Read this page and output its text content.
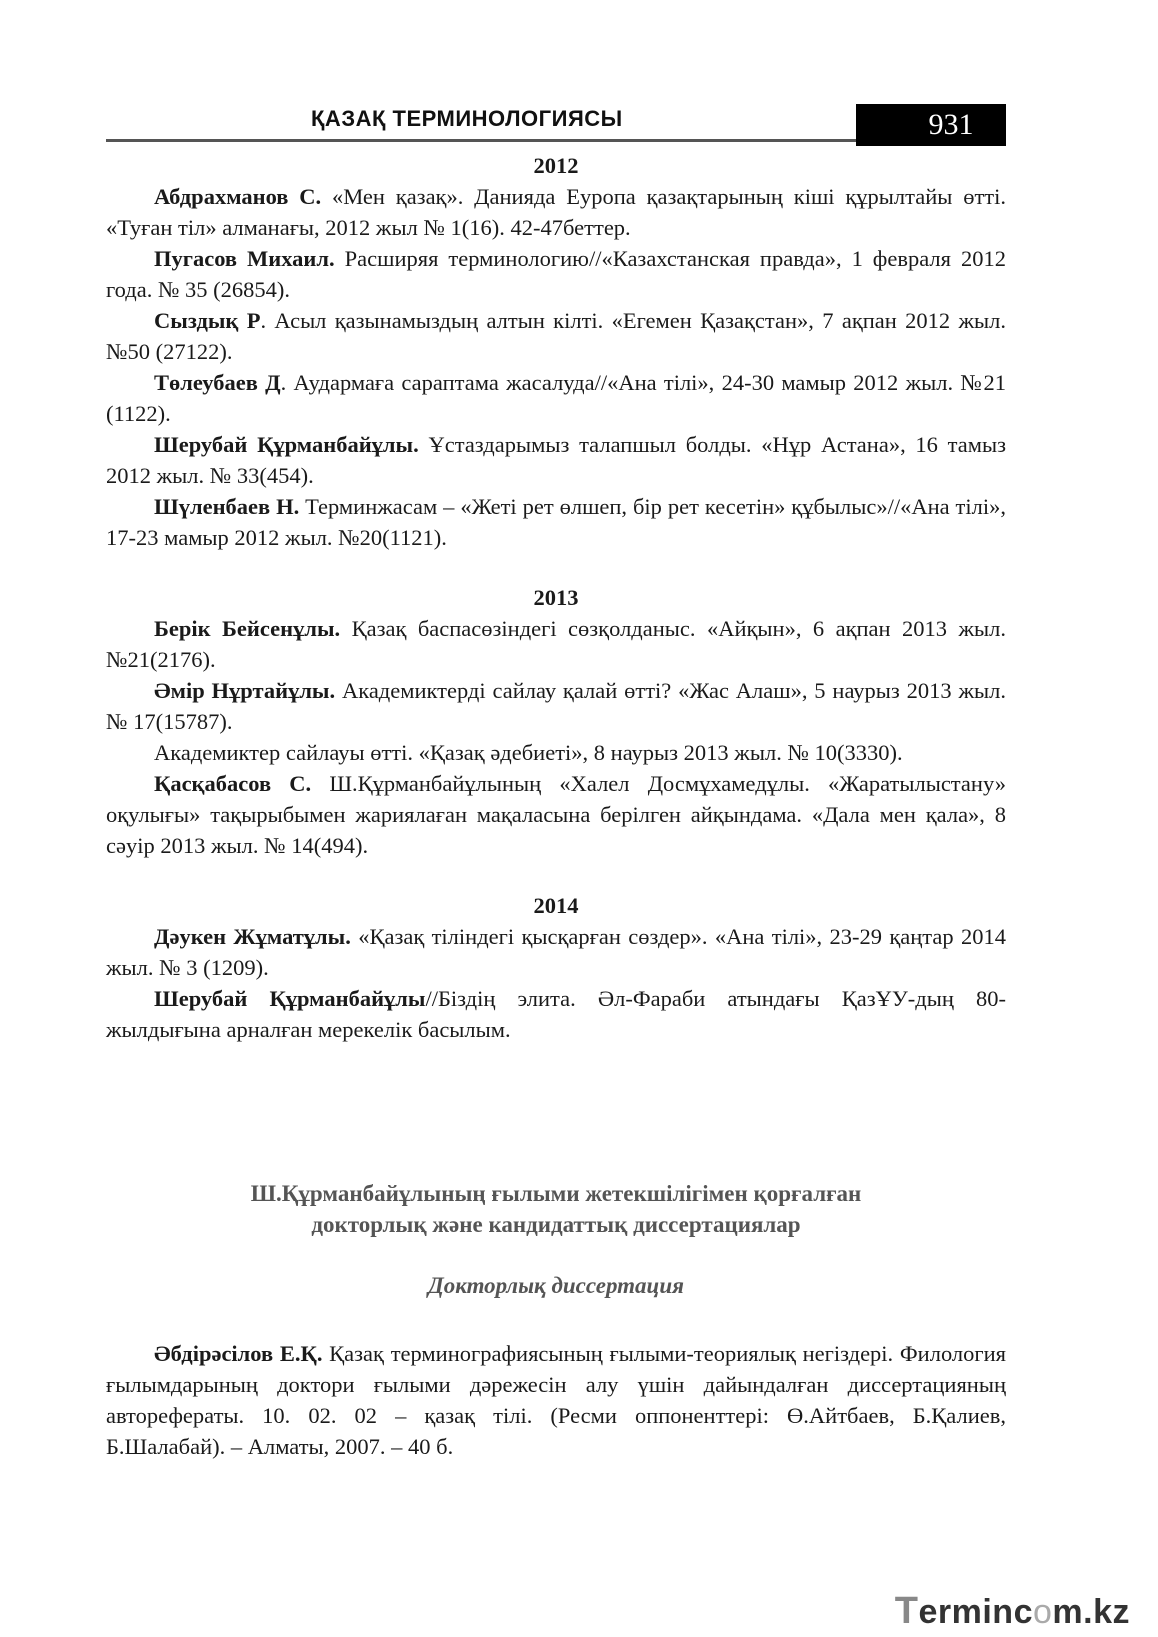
ҚАЗАҚ ТЕРМИНОЛОГИЯСЫ	931

2012

Абдрахманов С. «Мен қазақ». Данияда Еуропа қазақтарының кіші құрылтайы өтті. «Туған тіл» алманағы, 2012 жыл № 1(16). 42-47беттер.

Пугасов Михаил. Расширяя терминологию//«Казахстанская правда», 1 февраля 2012 года. № 35 (26854).

Сыздық Р. Асыл қазынамыздың алтын кілті. «Егемен Қазақстан», 7 ақпан 2012 жыл. №50 (27122).

Төлеубаев Д. Аудармаға сараптама жасалуда//«Ана тілі», 24-30 мамыр 2012 жыл. №21 (1122).

Шерубай Құрманбайұлы. Ұстаздарымыз талапшыл болды. «Нұр Астана», 16 тамыз 2012 жыл. № 33(454).

Шүленбаев Н. Терминжасам – «Жеті рет өлшеп, бір рет кесетін» құбылыс»//«Ана тілі», 17-23 мамыр 2012 жыл. №20(1121).

2013

Берік Бейсенұлы. Қазақ баспасөзіндегі сөзқолданыс. «Айқын», 6 ақпан 2013 жыл. №21(2176).

Әмір Нұртайұлы. Академиктерді сайлау қалай өтті? «Жас Алаш», 5 наурыз 2013 жыл. № 17(15787).

Академиктер сайлауы өтті. «Қазақ әдебиеті», 8 наурыз 2013 жыл. № 10(3330).

Қасқабасов С. Ш.Құрманбайұлының «Халел Досмұхамедұлы. «Жаратылыстану» оқулығы» тақырыбымен жариялаған мақаласына берілген айқындама. «Дала мен қала», 8 сәуір 2013 жыл. № 14(494).

2014

Дәукен Жұматұлы. «Қазақ тіліндегі қысқарған сөздер». «Ана тілі», 23-29 қаңтар 2014 жыл. № 3 (1209).

Шерубай Құрманбайұлы//Біздің элита. Әл-Фараби атындағы ҚазҰУ-дың 80-жылдығына арналған мерекелік басылым.

Ш.Құрманбайұлының ғылыми жетекшілігімен қорғалған

докторлық және кандидаттық диссертациялар

Докторлық диссертация

Әбдірәсілов Е.Қ. Қазақ терминографиясының ғылыми-теориялық негіздері. Филология ғылымдарының доктори ғылыми дәрежесін алу үшін дайындалған диссертацияның авторефераты. 10. 02. 02 – қазақ тілі. (Ресми оппоненттері: Ө.Айтбаев, Б.Қалиев, Б.Шалабай). – Алматы, 2007. – 40 б.

Termincom.kz
